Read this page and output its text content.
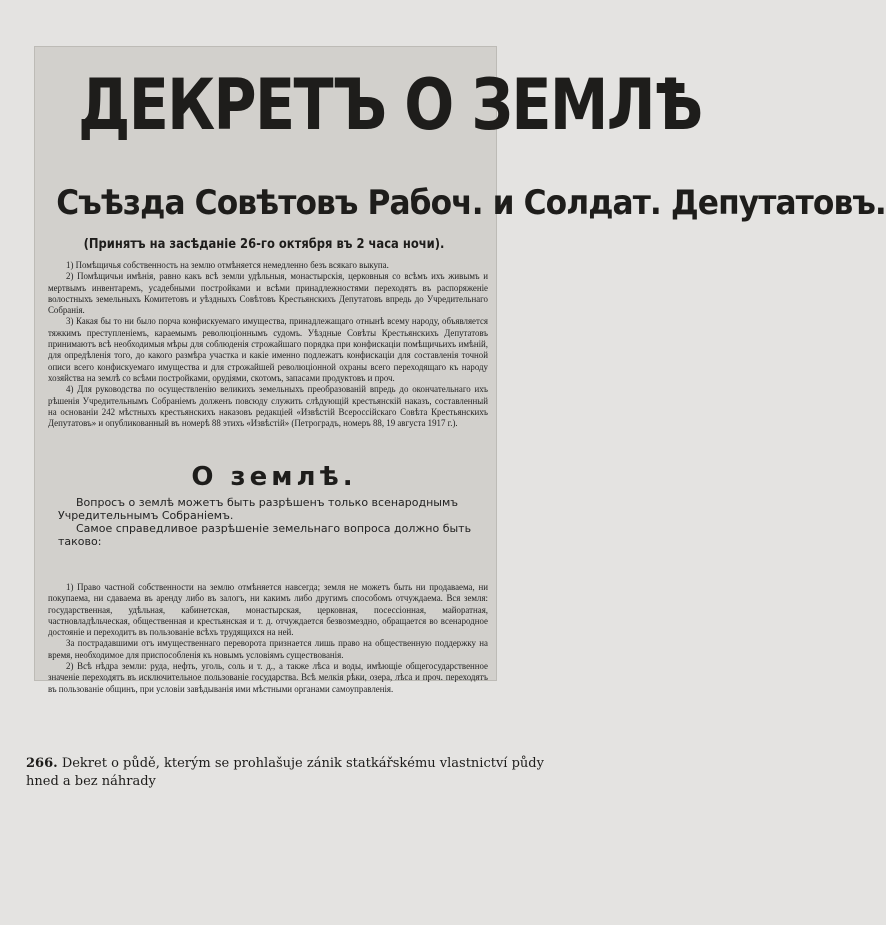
ДЕКРЕТЪ О ЗЕМЛѢ
Съѣзда Совѣтовъ Рабоч. и Солдат. Депутатовъ.
(Принятъ на засѣданіе 26-го октября въ 2 часа ночи).

1) Помѣщичья собственность на землю отмѣняется немедленно безъ всякаго выкупа.

2) Помѣщичьи имѣнія, равно какъ всѣ земли удѣльныя, монастырскія, церковныя со всѣмъ ихъ живымъ и мертвымъ инвентаремъ, усадебными постройками и всѣми принадлежностями переходятъ въ распоряженіе волостныхъ земельныхъ Комитетовъ и уѣздныхъ Совѣтовъ Крестьянскихъ Депутатовъ впредь до Учредительнаго Собранія.

3) Какая бы то ни было порча конфискуемаго имущества, принадлежащаго отнынѣ всему народу, объявляется тяжкимъ преступленіемъ, караемымъ революціоннымъ судомъ. Уѣздные Совѣты Крестьянскихъ Депутатовъ принимаютъ всѣ необходимыя мѣры для соблюденія строжайшаго порядка при конфискаціи помѣщичьихъ имѣній, для опредѣленія того, до какого размѣра участка и какіе именно подлежатъ конфискаціи для составленія точной описи всего конфискуемаго имущества и для строжайшей революціонной охраны всего переходящаго къ народу хозяйства на землѣ со всѣми постройками, орудіями, скотомъ, запасами продуктовъ и проч.

4) Для руководства по осуществленію великихъ земельныхъ преобразованій впредь до окончательнаго ихъ рѣшенія Учредительнымъ Собраніемъ долженъ повсюду служить слѣдующій крестьянскій наказъ, составленный на основаніи 242 мѣстныхъ крестьянскихъ наказовъ редакціей «Извѣстій Всероссійскаго Совѣта Крестьянскихъ Депутатовъ» и опубликованный въ номерѣ 88 этихъ «Извѣстій» (Петроградъ, номеръ 88, 19 августа 1917 г.).

О землѣ.

Вопросъ о землѣ можетъ быть разрѣшенъ только всенароднымъ Учредительнымъ Собраніемъ.

Самое справедливое разрѣшеніе земельнаго вопроса должно быть таково:

1) Право частной собственности на землю отмѣняется навсегда; земля не можетъ быть ни продаваема, ни покупаема, ни сдаваема въ аренду либо въ залогъ, ни какимъ либо другимъ способомъ отчуждаема. Вся земля: государственная, удѣльная, кабинетская, монастырская, церковная, посессіонная, майоратная, частновладѣльческая, общественная и крестьянская и т. д. отчуждается безвозмездно, обращается во всенародное достояніе и переходитъ въ пользованіе всѣхъ трудящихся на ней.

За пострадавшими отъ имущественнаго переворота признается лишь право на общественную поддержку на время, необходимое для приспособленія къ новымъ условіямъ существованія.

2) Всѣ нѣдра земли: руда, нефть, уголь, соль и т. д., а также лѣса и воды, имѣющіе общегосударственное значеніе переходятъ въ исключительное пользованіе государства. Всѣ мелкія рѣки, озера, лѣса и проч. переходятъ въ пользованіе общинъ, при условіи завѣдыванія ими мѣстными органами самоуправленія.

266. Dekret o půdě, kterým se prohlašuje zánik statkářskému vlastnictví půdy hned a bez náhrady
